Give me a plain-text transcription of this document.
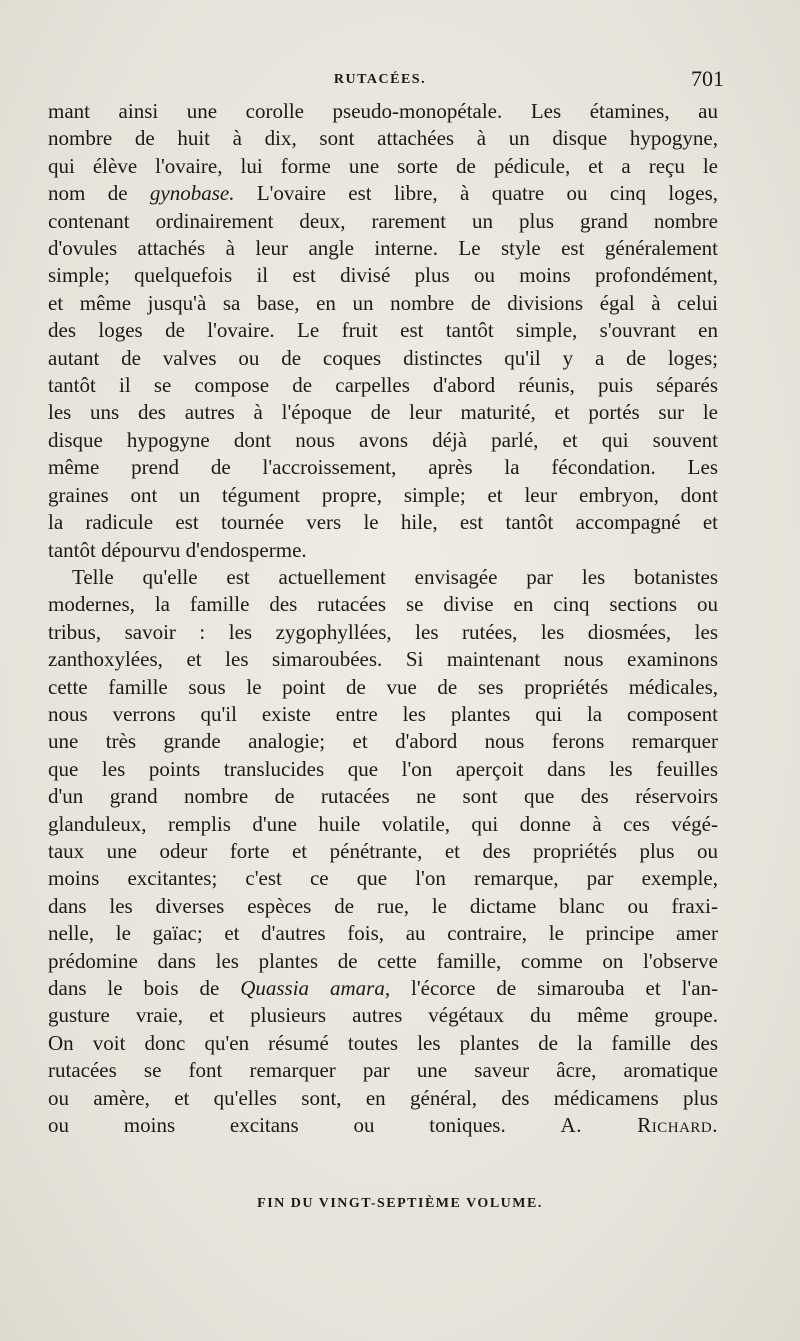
RUTACÉES.	701
mant ainsi une corolle pseudo-monopétale. Les étamines, au
nombre de huit à dix, sont attachées à un disque hypogyne,
qui élève l'ovaire, lui forme une sorte de pédicule, et a reçu le
nom de gynobase. L'ovaire est libre, à quatre ou cinq loges,
contenant ordinairement deux, rarement un plus grand nombre
d'ovules attachés à leur angle interne. Le style est généralement
simple; quelquefois il est divisé plus ou moins profondément,
et même jusqu'à sa base, en un nombre de divisions égal à celui
des loges de l'ovaire. Le fruit est tantôt simple, s'ouvrant en
autant de valves ou de coques distinctes qu'il y a de loges;
tantôt il se compose de carpelles d'abord réunis, puis séparés
les uns des autres à l'époque de leur maturité, et portés sur le
disque hypogyne dont nous avons déjà parlé, et qui souvent
même prend de l'accroissement, après la fécondation. Les
graines ont un tégument propre, simple; et leur embryon, dont
la radicule est tournée vers le hile, est tantôt accompagné et
tantôt dépourvu d'endosperme.
Telle qu'elle est actuellement envisagée par les botanistes
modernes, la famille des rutacées se divise en cinq sections ou
tribus, savoir : les zygophyllées, les rutées, les diosmées, les
zanthoxylées, et les simaroubées. Si maintenant nous examinons
cette famille sous le point de vue de ses propriétés médicales,
nous verrons qu'il existe entre les plantes qui la composent
une très grande analogie; et d'abord nous ferons remarquer
que les points translucides que l'on aperçoit dans les feuilles
d'un grand nombre de rutacées ne sont que des réservoirs
glanduleux, remplis d'une huile volatile, qui donne à ces végé-
taux une odeur forte et pénétrante, et des propriétés plus ou
moins excitantes; c'est ce que l'on remarque, par exemple,
dans les diverses espèces de rue, le dictame blanc ou fraxi-
nelle, le gaïac; et d'autres fois, au contraire, le principe amer
prédomine dans les plantes de cette famille, comme on l'observe
dans le bois de Quassia amara, l'écorce de simarouba et l'an-
gusture vraie, et plusieurs autres végétaux du même groupe.
On voit donc qu'en résumé toutes les plantes de la famille des
rutacées se font remarquer par une saveur âcre, aromatique
ou amère, et qu'elles sont, en général, des médicamens plus
ou moins excitans ou toniques.	A. Richard.
FIN DU VINGT-SEPTIÈME VOLUME.
